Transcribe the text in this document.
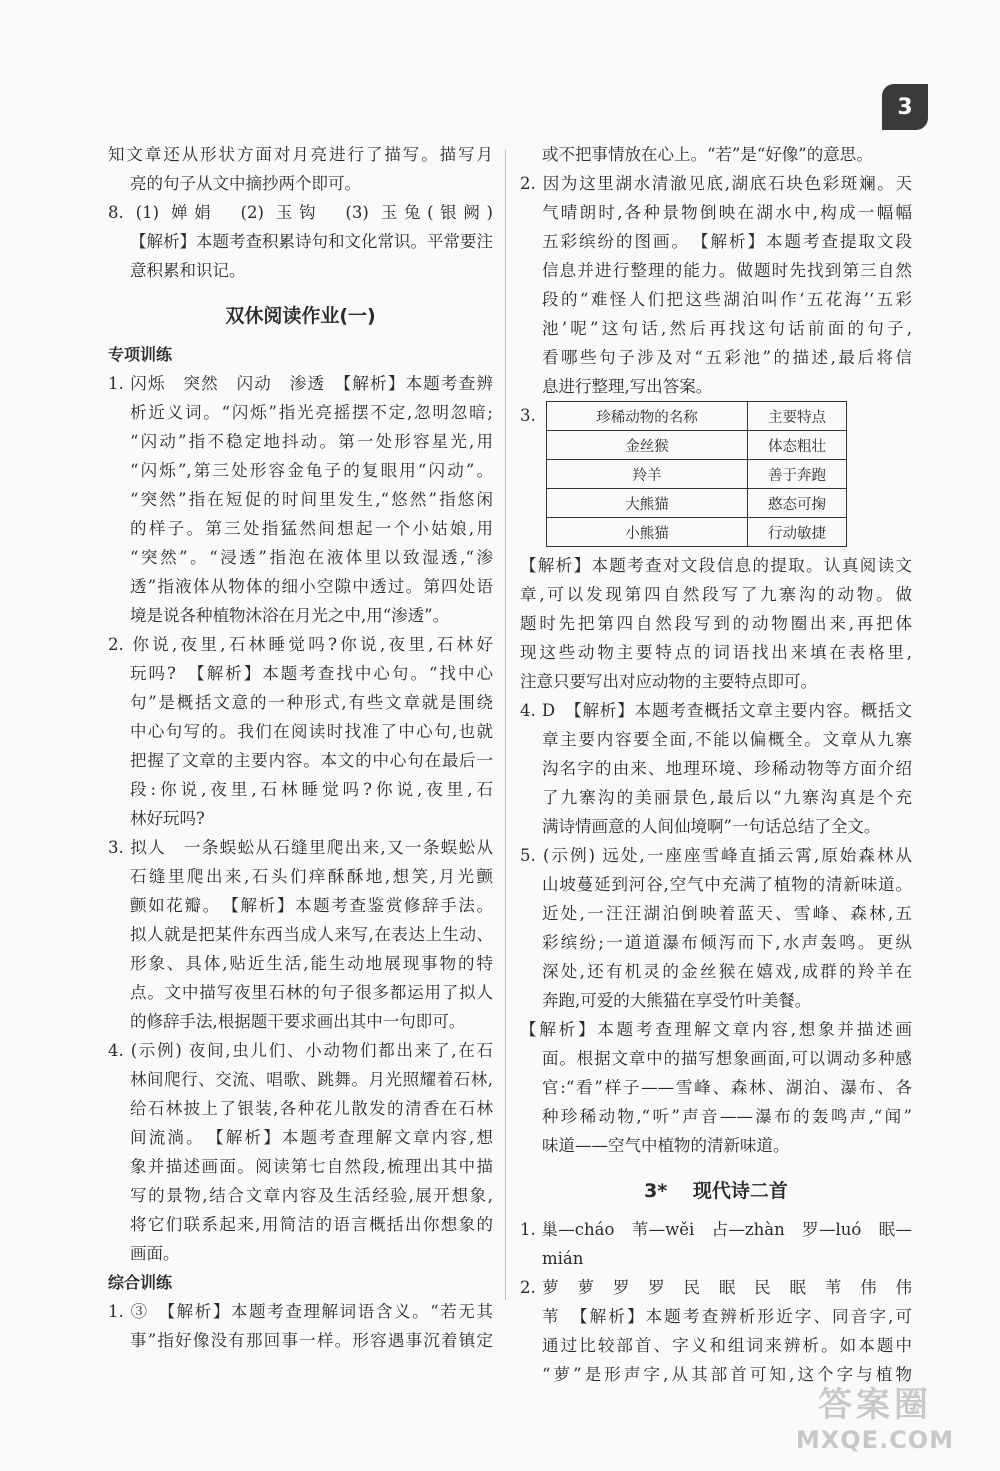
3
知文章还从形状方面对月亮进行了描写。描写月
亮的句子从文中摘抄两个即可。
8. (1) 婵娟　(2) 玉钩　(3) 玉兔(银阙)
【解析】本题考查积累诗句和文化常识。平常要注
意积累和识记。
双休阅读作业(一)
专项训练
1. 闪烁　突然　闪动　渗透　【解析】本题考查辨
析近义词。“闪烁”指光亮摇摆不定,忽明忽暗;
“闪动”指不稳定地抖动。第一处形容星光,用
“闪烁”,第三处形容金龟子的复眼用“闪动”。
“突然”指在短促的时间里发生,“悠然”指悠闲
的样子。第三处指猛然间想起一个小姑娘,用
“突然”。“浸透”指泡在液体里以致湿透,“渗
透”指液体从物体的细小空隙中透过。第四处语
境是说各种植物沐浴在月光之中,用“渗透”。
2. 你说,夜里,石林睡觉吗?你说,夜里,石林好
玩吗?　【解析】本题考查找中心句。“找中心
句”是概括文意的一种形式,有些文章就是围绕
中心句写的。我们在阅读时找准了中心句,也就
把握了文章的主要内容。本文的中心句在最后一
段:你说,夜里,石林睡觉吗?你说,夜里,石
林好玩吗?
3. 拟人　一条蜈蚣从石缝里爬出来,又一条蜈蚣从
石缝里爬出来,石头们痒酥酥地,想笑,月光颤
颤如花瓣。　【解析】本题考查鉴赏修辞手法。
拟人就是把某件东西当成人来写,在表达上生动、
形象、具体,贴近生活,能生动地展现事物的特
点。文中描写夜里石林的句子很多都运用了拟人
的修辞手法,根据题干要求画出其中一句即可。
4. (示例) 夜间,虫儿们、小动物们都出来了,在石
林间爬行、交流、唱歌、跳舞。月光照耀着石林,
给石林披上了银装,各种花儿散发的清香在石林
间流淌。　【解析】本题考查理解文章内容,想
象并描述画面。阅读第七自然段,梳理出其中描
写的景物,结合文章内容及生活经验,展开想象,
将它们联系起来,用简洁的语言概括出你想象的
画面。
综合训练
1. ③　【解析】本题考查理解词语含义。“若无其
事”指好像没有那回事一样。形容遇事沉着镇定
或不把事情放在心上。“若”是“好像”的意思。
2. 因为这里湖水清澈见底,湖底石块色彩斑斓。天
气晴朗时,各种景物倒映在湖水中,构成一幅幅
五彩缤纷的图画。　【解析】本题考查提取文段
信息并进行整理的能力。做题时先找到第三自然
段的“难怪人们把这些湖泊叫作‘五花海’‘五彩
池’呢”这句话,然后再找这句话前面的句子,
看哪些句子涉及对“五彩池”的描述,最后将信
息进行整理,写出答案。
3.	珍稀动物的名称	主要特点
金丝猴	体态粗壮
羚羊	善于奔跑
大熊猫	憨态可掬
小熊猫	行动敏捷
【解析】本题考查对文段信息的提取。认真阅读文
章,可以发现第四自然段写了九寨沟的动物。做
题时先把第四自然段写到的动物圈出来,再把体
现这些动物主要特点的词语找出来填在表格里,
注意只要写出对应动物的主要特点即可。
4. D　【解析】本题考查概括文章主要内容。概括文
章主要内容要全面,不能以偏概全。文章从九寨
沟名字的由来、地理环境、珍稀动物等方面介绍
了九寨沟的美丽景色,最后以“九寨沟真是个充
满诗情画意的人间仙境啊”一句话总结了全文。
5. (示例) 远处,一座座雪峰直插云霄,原始森林从
山坡蔓延到河谷,空气中充满了植物的清新味道。
近处,一汪汪湖泊倒映着蓝天、雪峰、森林,五
彩缤纷;一道道瀑布倾泻而下,水声轰鸣。更纵
深处,还有机灵的金丝猴在嬉戏,成群的羚羊在
奔跑,可爱的大熊猫在享受竹叶美餐。
【解析】本题考查理解文章内容,想象并描述画
面。根据文章中的描写想象画面,可以调动多种感
官:“看”样子——雪峰、森林、湖泊、瀑布、各
种珍稀动物,“听”声音——瀑布的轰鸣声,“闻”
味道——空气中植物的清新味道。
3* 　现代诗二首
1. 巢—cháo　苇—wěi　占—zhàn　罗—luó　眠—
mián
2. 萝　萝　罗　罗　民　眠　民　眠　苇　伟　伟
苇　【解析】本题考查辨析形近字、同音字,可
通过比较部首、字义和组词来辨析。如本题中
“萝”是形声字,从其部首可知,这个字与植物
答案圈
MXQE.COM
